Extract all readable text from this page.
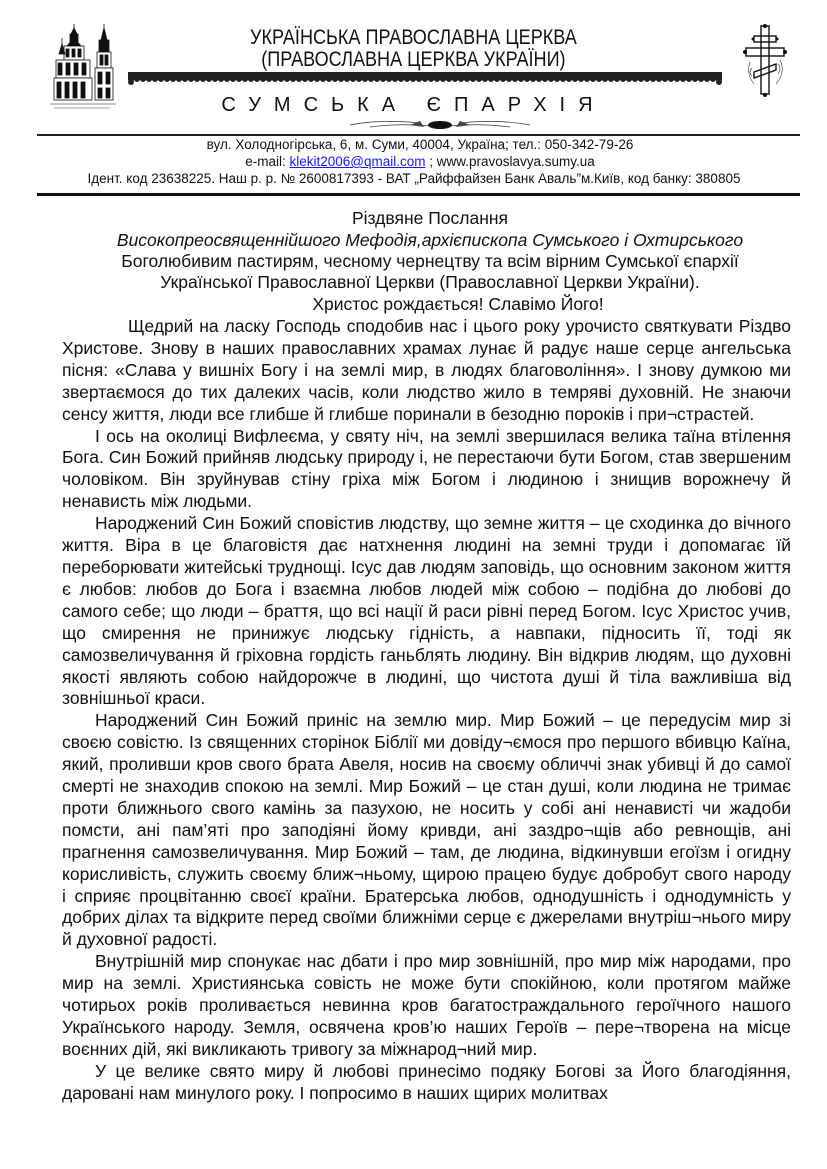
УКРАЇНСЬКА ПРАВОСЛАВНА ЦЕРКВА
(ПРАВОСЛАВНА ЦЕРКВА УКРАЇНИ)
СУМСЬКА ЄПАРХІЯ
вул. Холодногірська, 6, м. Суми, 40004, Україна; тел.: 050-342-79-26
e-mail: klekit2006@qmail.com ; www.pravoslavya.sumy.ua
Ідент. код 23638225. Наш р. р. № 2600817393 - ВАТ „Райффайзен Банк Аваль”м.Київ, код банку: 380805
Різдвяне Послання
Високопреосвященнійшого Мефодія,архієпископа Сумського і Охтирського
Боголюбивим пастирям, чесному чернецтву та всім вірним Сумської єпархії
Української Православної Церкви (Православної Церкви України).
Христос рождається! Славімо Його!

Щедрий на ласку Господь сподобив нас і цього року урочисто святкувати Різдво Христове. Знову в наших православних храмах лунає й радує наше серце ангельська пісня: «Слава у вишніх Богу і на землі мир, в людях благовоління». І знову думкою ми звертаємося до тих далеких часів, коли людство жило в темряві духовній. Не знаючи сенсу життя, люди все глибше й глибше поринали в безодню пороків і при¬страстей.

І ось на околиці Вифлеєма, у святу ніч, на землі звершилася велика таїна втілення Бога. Син Божий прийняв людську природу і, не перестаючи бути Богом, став звершеним чоловіком. Він зруйнував стіну гріха між Богом і людиною і знищив ворожнечу й ненависть між людьми.

Народжений Син Божий сповістив людству, що земне життя – це сходинка до вічного життя. Віра в це благовістя дає натхнення людині на земні труди і допомагає їй переборювати житейські труднощі. Ісус дав людям заповідь, що основним законом життя є любов: любов до Бога і взаємна любов людей між собою – подібна до любові до самого себе; що люди – браття, що всі нації й раси рівні перед Богом. Ісус Христос учив, що смирення не принижує людську гідність, а навпаки, підносить її, тоді як самозвеличування й гріховна гордість ганьблять людину. Він відкрив людям, що духовні якості являють собою найдорожче в людині, що чистота душі й тіла важливіша від зовнішньої краси.

Народжений Син Божий приніс на землю мир. Мир Божий – це передусім мир зі своєю совістю. Із священних сторінок Біблії ми довіду¬ємося про першого вбивцю Каїна, який, проливши кров свого брата Авеля, носив на своєму обличчі знак убивці й до самої смерті не знаходив спокою на землі. Мир Божий – це стан душі, коли людина не тримає проти ближнього свого камінь за пазухою, не носить у собі ані ненависті чи жадоби помсти, ані пам’яті про заподіяні йому кривди, ані заздро¬щів або ревнощів, ані прагнення самозвеличування. Мир Божий – там, де людина, відкинувши егоїзм і огидну корисливість, служить своєму ближ¬ньому, щирою працею будує добробут свого народу і сприяє процвітанню своєї країни. Братерська любов, однодушність і однодумність у добрих ділах та відкрите перед своїми ближніми серце є джерелами внутріш¬нього миру й духовної радості.

Внутрішній мир спонукає нас дбати і про мир зовнішній, про мир між народами, про мир на землі. Християнська совість не може бути спокійною, коли протягом майже чотирьох років проливається невинна кров багатостраждального героїчного нашого Українського народу. Земля, освячена кров’ю наших Героїв – пере¬творена на місце воєнних дій, які викликають тривогу за міжнарод¬ний мир.

У це велике свято миру й любові принесімо подяку Богові за Його благодіяння, даровані нам минулого року. І попросимо в наших щирих молитвах
